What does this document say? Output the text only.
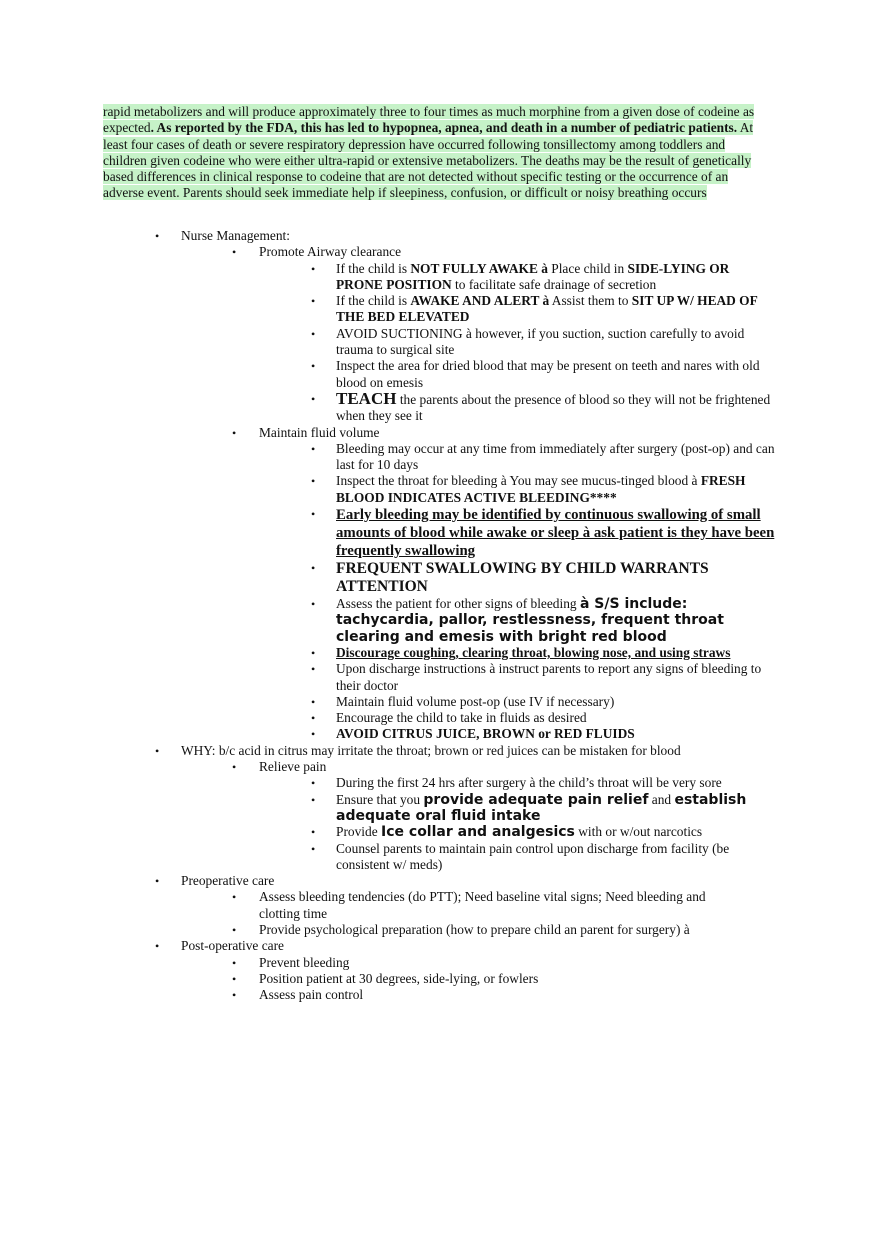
rapid metabolizers and will produce approximately three to four times as much morphine from a given dose of codeine as expected. As reported by the FDA, this has led to hypopnea, apnea, and death in a number of pediatric patients. At least four cases of death or severe respiratory depression have occurred following tonsillectomy among toddlers and children given codeine who were either ultra-rapid or extensive metabolizers. The deaths may be the result of genetically based differences in clinical response to codeine that are not detected without specific testing or the occurrence of an adverse event. Parents should seek immediate help if sleepiness, confusion, or difficult or noisy breathing occurs

• Nurse Management:
• Promote Airway clearance
• If the child is NOT FULLY AWAKE à Place child in SIDE-LYING OR PRONE POSITION to facilitate safe drainage of secretion
• If the child is AWAKE AND ALERT à Assist them to SIT UP W/ HEAD OF THE BED ELEVATED
• AVOID SUCTIONING à however, if you suction, suction carefully to avoid trauma to surgical site
• Inspect the area for dried blood that may be present on teeth and nares with old blood on emesis
• TEACH the parents about the presence of blood so they will not be frightened when they see it
• Maintain fluid volume
• Bleeding may occur at any time from immediately after surgery (post-op) and can last for 10 days
• Inspect the throat for bleeding à You may see mucus-tinged blood à FRESH BLOOD INDICATES ACTIVE BLEEDING****
• Early bleeding may be identified by continuous swallowing of small amounts of blood while awake or sleep à ask patient is they have been frequently swallowing
• FREQUENT SWALLOWING BY CHILD WARRANTS ATTENTION
• Assess the patient for other signs of bleeding à S/S include: tachycardia, pallor, restlessness, frequent throat clearing and emesis with bright red blood
• Discourage coughing, clearing throat, blowing nose, and using straws
• Upon discharge instructions à instruct parents to report any signs of bleeding to their doctor
• Maintain fluid volume post-op (use IV if necessary)
• Encourage the child to take in fluids as desired
• AVOID CITRUS JUICE, BROWN or RED FLUIDS
• WHY: b/c acid in citrus may irritate the throat; brown or red juices can be mistaken for blood
• Relieve pain
• During the first 24 hrs after surgery à the child’s throat will be very sore
• Ensure that you provide adequate pain relief and establish adequate oral fluid intake
• Provide Ice collar and analgesics with or w/out narcotics
• Counsel parents to maintain pain control upon discharge from facility (be consistent w/ meds)
• Preoperative care
• Assess bleeding tendencies (do PTT); Need baseline vital signs; Need bleeding and clotting time
• Provide psychological preparation (how to prepare child an parent for surgery) à
• Post-operative care
• Prevent bleeding
• Position patient at 30 degrees, side-lying, or fowlers
• Assess pain control
